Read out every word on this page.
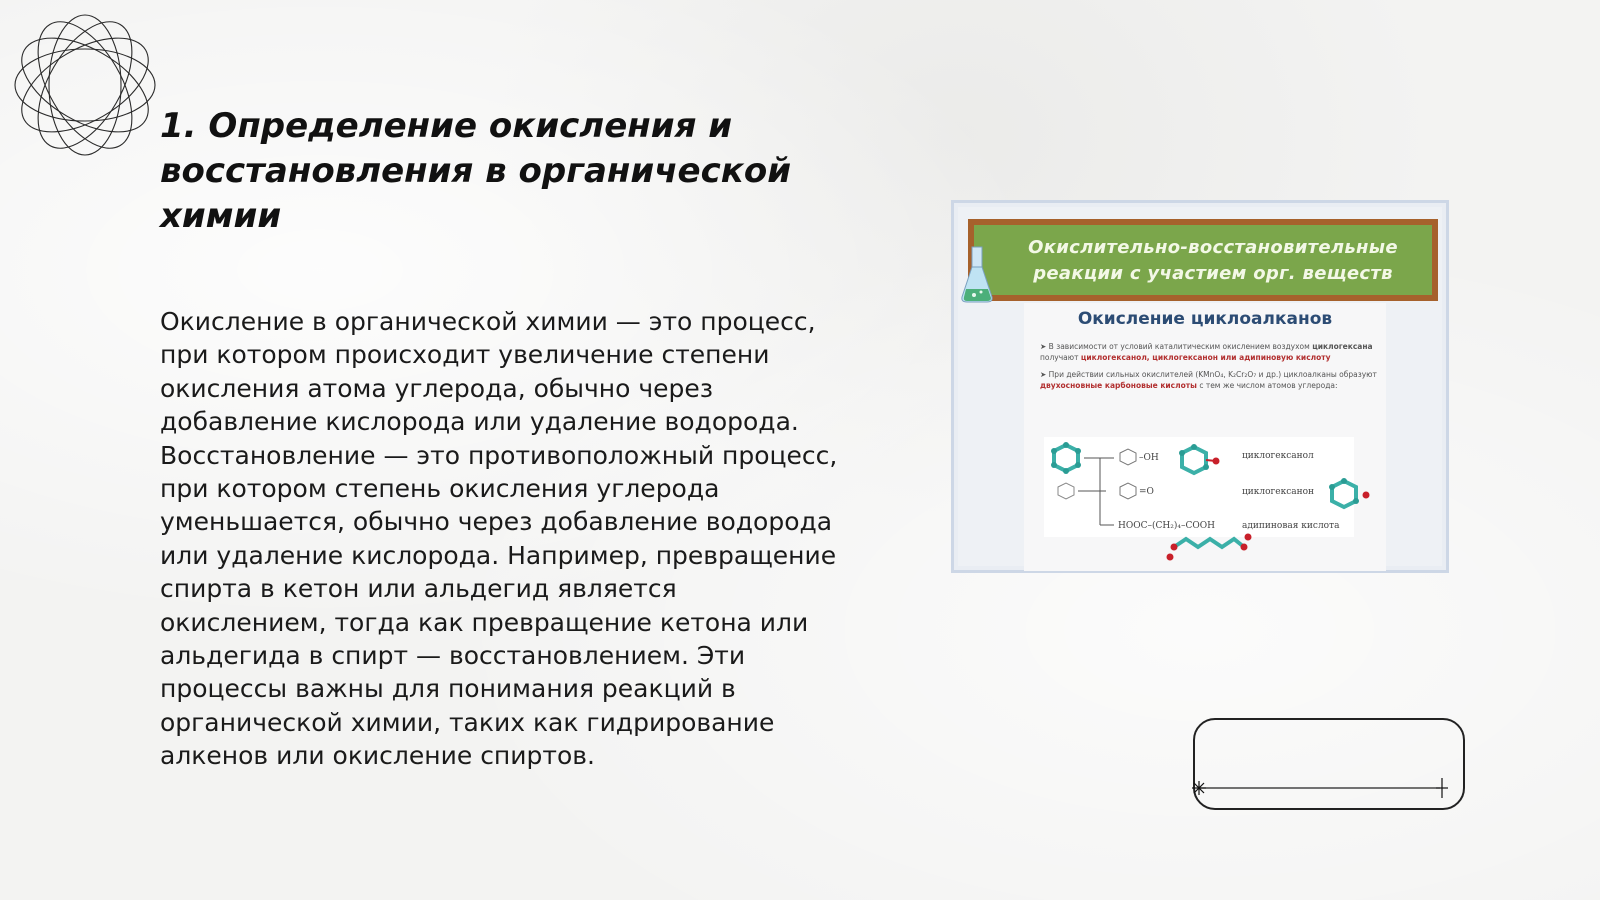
1. Определение окисления и восстановления в органической химии

Окисление в органической химии — это процесс, при котором происходит увеличение степени окисления атома углерода, обычно через добавление кислорода или удаление водорода. Восстановление — это противоположный процесс, при котором степень окисления углерода уменьшается, обычно через добавление водорода или удаление кислорода. Например, превращение спирта в кетон или альдегид является окислением, тогда как превращение кетона или альдегида в спирт — восстановлением. Эти процессы важны для понимания реакций в органической химии, таких как гидрирование алкенов или окисление спиртов.

Окислительно-восстановительные реакции с участием орг. веществ
Окисление циклоалканов

➤ В зависимости от условий каталитическим окислением воздухом циклогексана получают циклогексанол, циклогексанон или адипиновую кислоту

➤ При действии сильных окислителей (KMnO₄, K₂Cr₂O₇ и др.) циклоалканы образуют двухосновные карбоновые кислоты с тем же числом атомов углерода:

–OH
=O
HOOC–(CH₂)₄–COOH
циклогексанол
циклогексанон
адипиновая кислота
